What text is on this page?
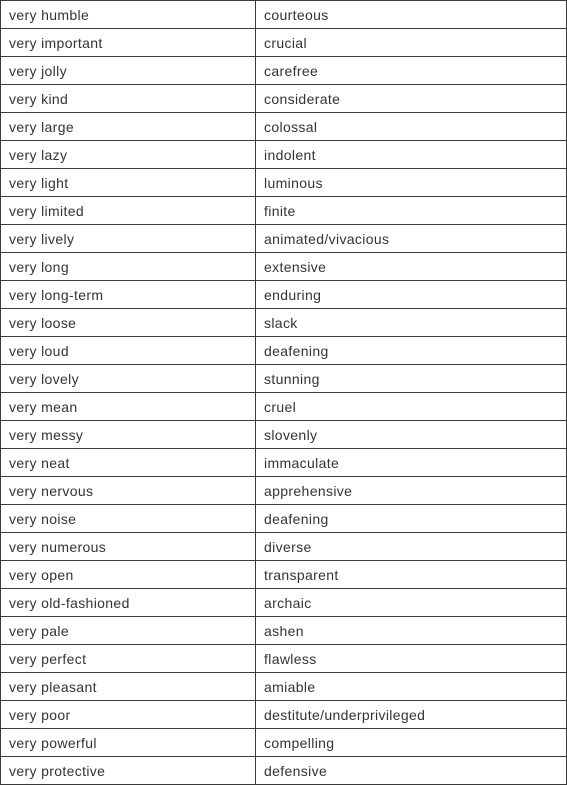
very humble	courteous
very important	crucial
very jolly	carefree
very kind	considerate
very large	colossal
very lazy	indolent
very light	luminous
very limited	finite
very lively	animated/vivacious
very long	extensive
very long-term	enduring
very loose	slack
very loud	deafening
very lovely	stunning
very mean	cruel
very messy	slovenly
very neat	immaculate
very nervous	apprehensive
very noise	deafening
very numerous	diverse
very open	transparent
very old-fashioned	archaic
very pale	ashen
very perfect	flawless
very pleasant	amiable
very poor	destitute/underprivileged
very powerful	compelling
very protective	defensive
